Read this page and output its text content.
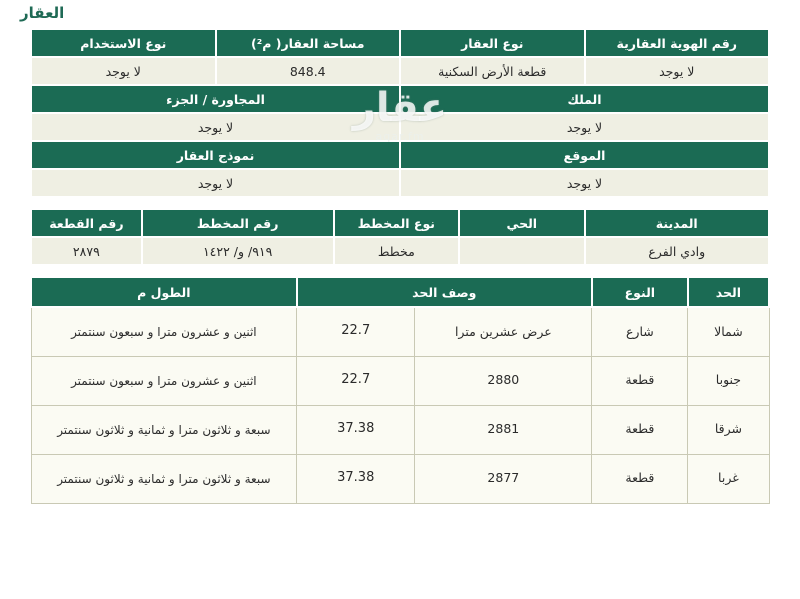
العقار
رقم الهوية العقارية	نوع العقار	مساحة العقار( م²)	نوع الاستخدام
لا يوجد	قطعة الأرض السكنية	848.4	لا يوجد
الملك		المجاورة / الجزء	
لا يوجد		لا يوجد	
الموقع		نموذج العقار	
لا يوجد		لا يوجد	
المدينة	الحي	نوع المخطط	رقم المخطط	رقم القطعة
وادي الفرع		مخطط	٩١٩/ و/ ١٤٢٢	٢٨٧٩
الحد	النوع	وصف الحد		الطول م
شمالا	شارع	عرض عشرين مترا	22.7	اثنين و عشرون مترا و سبعون سنتمتر
جنوبا	قطعة	2880	22.7	اثنين و عشرون مترا و سبعون سنتمتر
شرقا	قطعة	2881	37.38	سبعة و ثلاثون مترا و ثمانية و ثلاثون سنتمتر
غربا	قطعة	2877	37.38	سبعة و ثلاثون مترا و ثمانية و ثلاثون سنتمتر
عقار
aqar.fm
